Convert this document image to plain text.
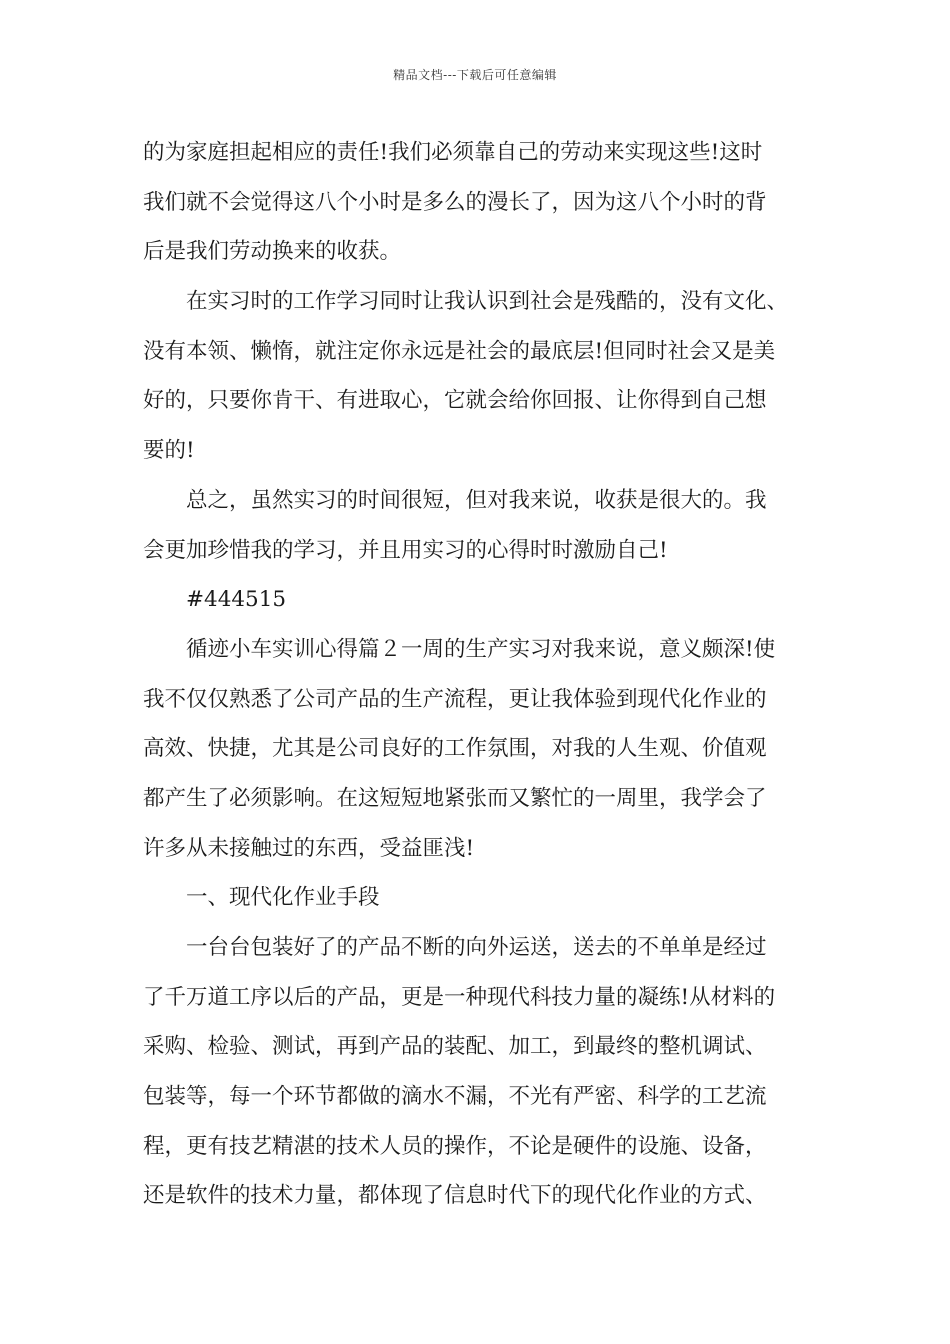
精品文档---下载后可任意编辑
的为家庭担起相应的责任!我们必须靠自己的劳动来实现这些!这时
我们就不会觉得这八个小时是多么的漫长了，因为这八个小时的背
后是我们劳动换来的收获。
在实习时的工作学习同时让我认识到社会是残酷的，没有文化、
没有本领、懒惰，就注定你永远是社会的最底层!但同时社会又是美
好的，只要你肯干、有进取心，它就会给你回报、让你得到自己想
要的!
总之，虽然实习的时间很短，但对我来说，收获是很大的。我
会更加珍惜我的学习，并且用实习的心得时时激励自己!
#444515
循迹小车实训心得篇２一周的生产实习对我来说，意义颇深!使
我不仅仅熟悉了公司产品的生产流程，更让我体验到现代化作业的
高效、快捷，尤其是公司良好的工作氛围，对我的人生观、价值观
都产生了必须影响。在这短短地紧张而又繁忙的一周里，我学会了
许多从未接触过的东西，受益匪浅!
一、现代化作业手段
一台台包装好了的产品不断的向外运送，送去的不单单是经过
了千万道工序以后的产品，更是一种现代科技力量的凝练!从材料的
采购、检验、测试，再到产品的装配、加工，到最终的整机调试、
包装等，每一个环节都做的滴水不漏，不光有严密、科学的工艺流
程，更有技艺精湛的技术人员的操作，不论是硬件的设施、设备，
还是软件的技术力量，都体现了信息时代下的现代化作业的方式、
